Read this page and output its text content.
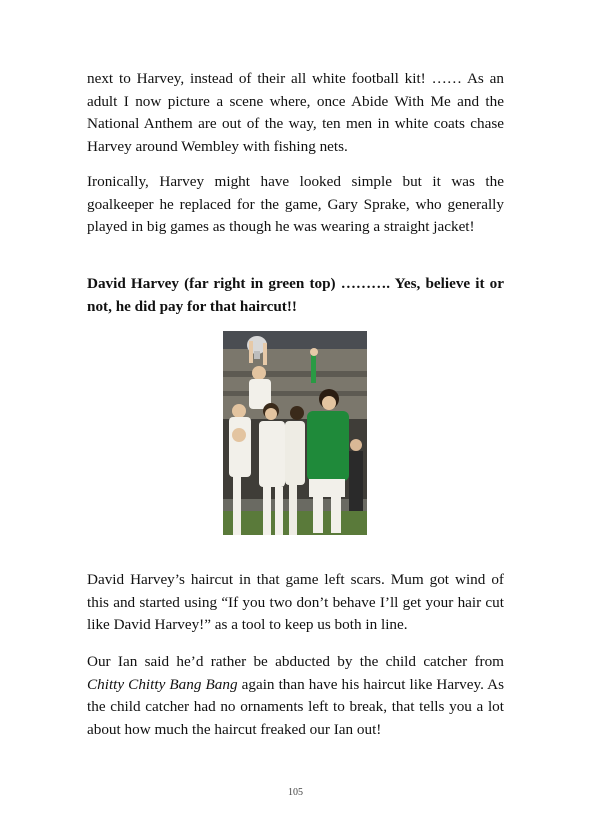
next to Harvey, instead of their all white football kit! …… As an adult I now picture a scene where, once Abide With Me and the National Anthem are out of the way, ten men in white coats chase Harvey around Wembley with fishing nets.

Ironically, Harvey might have looked simple but it was the goalkeeper he replaced for the game, Gary Sprake, who generally played in big games as though he was wearing a straight jacket!

David Harvey (far right in green top) ………. Yes, believe it or not, he did pay for that haircut!!

David Harvey’s haircut in that game left scars. Mum got wind of this and started using “If you two don’t behave I’ll get your hair cut like David Harvey!” as a tool to keep us both in line.

Our Ian said he’d rather be abducted by the child catcher from Chitty Chitty Bang Bang again than have his haircut like Harvey. As the child catcher had no ornaments left to break, that tells you a lot about how much the haircut freaked our Ian out!

105
